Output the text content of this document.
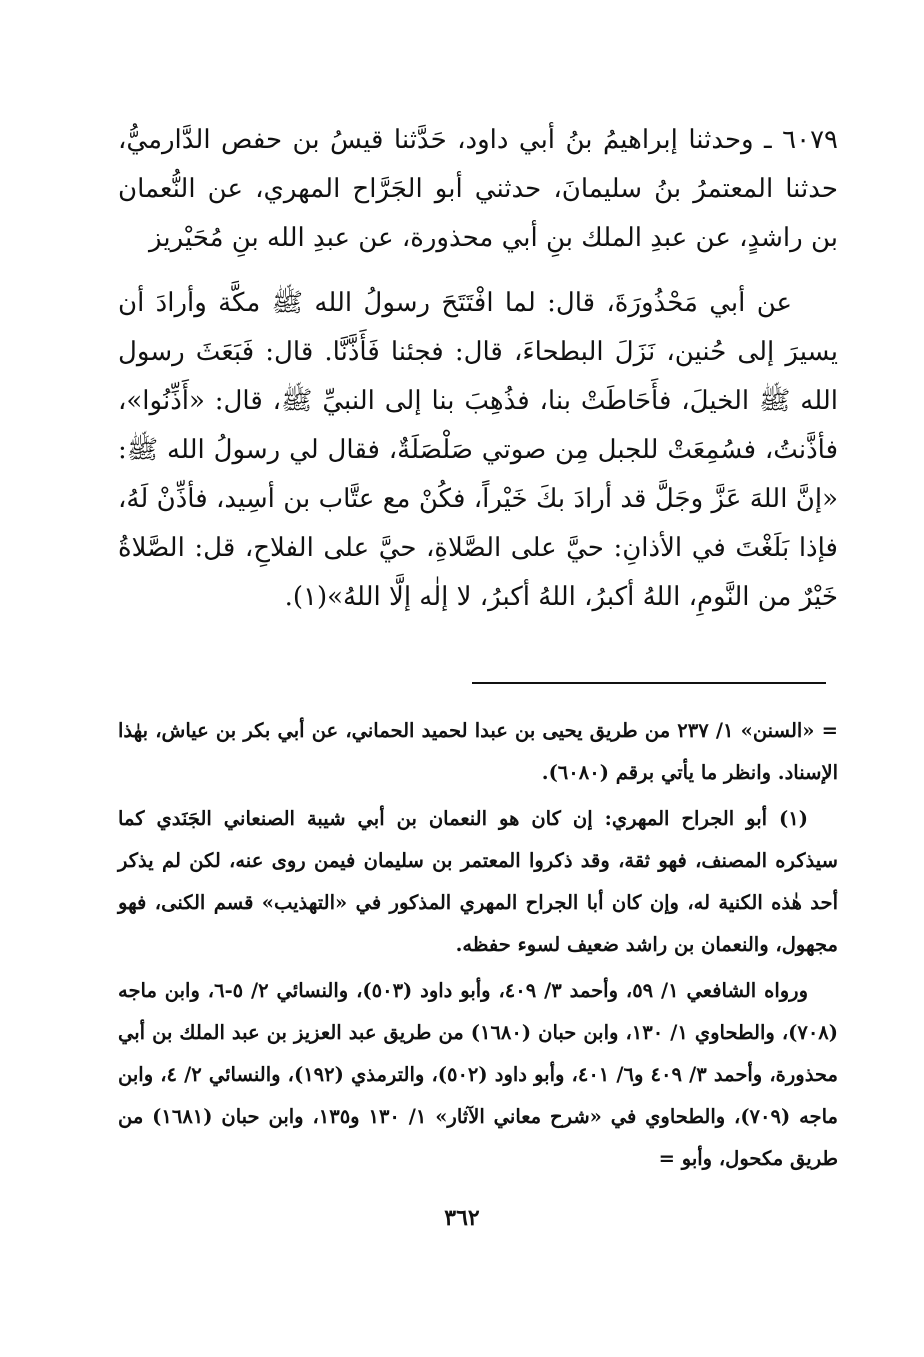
٦٠٧٩ ـ وحدثنا إبراهيمُ بنُ أبي داود، حَدَّثنا قيسُ بن حفص الدَّارميُّ، حدثنا المعتمرُ بنُ سليمانَ، حدثني أبو الجَرَّاح المهري، عن النُّعمان بن راشدٍ، عن عبدِ الملك بنِ أبي محذورة، عن عبدِ الله بنِ مُحَيْريز

عن أبي مَحْذُورَةَ، قال: لما افْتَتَحَ رسولُ الله ﷺ مكَّة وأرادَ أن يسيرَ إلى حُنين، نَزَلَ البطحاءَ، قال: فجئنا فَأَذَّنَّا. قال: فَبَعَثَ رسول الله ﷺ الخيلَ، فأَحَاطَتْ بنا، فذُهِبَ بنا إلى النبيِّ ﷺ، قال: «أَذِّنُوا»، فأذَّنتُ، فسُمِعَتْ للجبل مِن صوتي صَلْصَلَةٌ، فقال لي رسولُ الله ﷺ: «إنَّ اللهَ عَزَّ وجَلَّ قد أرادَ بكَ خَيْراً، فكُنْ مع عتَّاب بن أسِيد، فأذِّنْ لَهُ، فإذا بَلَغْتَ في الأذانِ: حيَّ على الصَّلاةِ، حيَّ على الفلاحِ، قل: الصَّلاةُ خَيْرٌ من النَّومِ، اللهُ أكبرُ، اللهُ أكبرُ، لا إلٰه إلَّا اللهُ»(١).

= «السنن» ١/ ٢٣٧ من طريق يحيى بن عبدا لحميد الحماني، عن أبي بكر بن عياش، بهٰذا الإسناد. وانظر ما يأتي برقم (٦٠٨٠).

(١) أبو الجراح المهري: إن كان هو النعمان بن أبي شيبة الصنعاني الجَنَدي كما سيذكره المصنف، فهو ثقة، وقد ذكروا المعتمر بن سليمان فيمن روى عنه، لكن لم يذكر أحد هٰذه الكنية له، وإن كان أبا الجراح المهري المذكور في «التهذيب» قسم الكنى، فهو مجهول، والنعمان بن راشد ضعيف لسوء حفظه.

ورواه الشافعي ١/ ٥٩، وأحمد ٣/ ٤٠٩، وأبو داود (٥٠٣)، والنسائي ٢/ ٥-٦، وابن ماجه (٧٠٨)، والطحاوي ١/ ١٣٠، وابن حبان (١٦٨٠) من طريق عبد العزيز بن عبد الملك بن أبي محذورة، وأحمد ٣/ ٤٠٩ و٦/ ٤٠١، وأبو داود (٥٠٢)، والترمذي (١٩٢)، والنسائي ٢/ ٤، وابن ماجه (٧٠٩)، والطحاوي في «شرح معاني الآثار» ١/ ١٣٠ و١٣٥، وابن حبان (١٦٨١) من طريق مكحول، وأبو =

٣٦٢
